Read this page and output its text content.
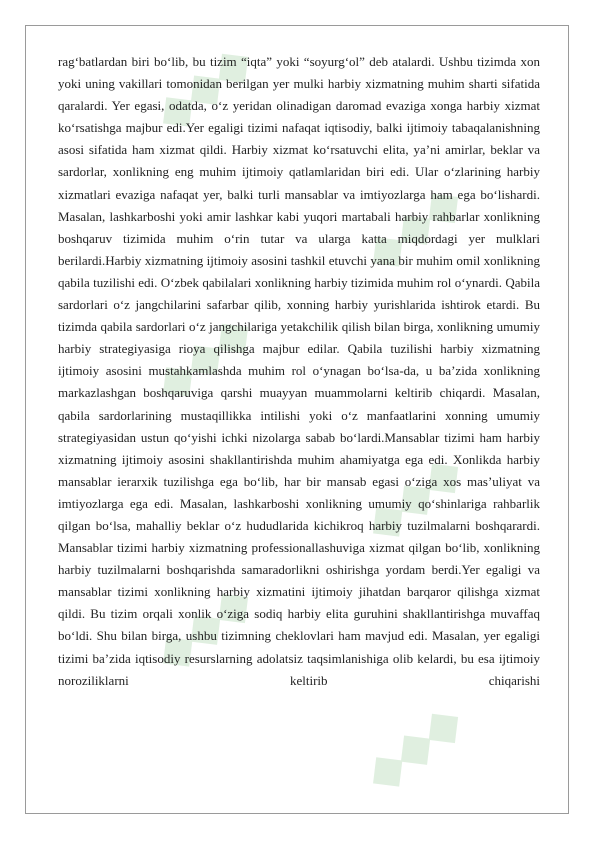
◆◆◆
◆◆◆
◆◆◆
◆◆◆
◆◆◆
◆◆◆

rag‘batlardan biri bo‘lib, bu tizim “iqta” yoki “soyurg‘ol” deb atalardi. Ushbu tizimda xon yoki uning vakillari tomonidan berilgan yer mulki harbiy xizmatning muhim sharti sifatida qaralardi. Yer egasi, odatda, o‘z yeridan olinadigan daromad evaziga xonga harbiy xizmat ko‘rsatishga majbur edi.Yer egaligi tizimi nafaqat iqtisodiy, balki ijtimoiy tabaqalanishning asosi sifatida ham xizmat qildi. Harbiy xizmat ko‘rsatuvchi elita, ya’ni amirlar, beklar va sardorlar, xonlikning eng muhim ijtimoiy qatlamlaridan biri edi. Ular o‘zlarining harbiy xizmatlari evaziga nafaqat yer, balki turli mansablar va imtiyozlarga ham ega bo‘lishardi. Masalan, lashkarboshi yoki amir lashkar kabi yuqori martabali harbiy rahbarlar xonlikning boshqaruv tizimida muhim o‘rin tutar va ularga katta miqdordagi yer mulklari berilardi.Harbiy xizmatning ijtimoiy asosini tashkil etuvchi yana bir muhim omil xonlikning qabila tuzilishi edi. O‘zbek qabilalari xonlikning harbiy tizimida muhim rol o‘ynardi. Qabila sardorlari o‘z jangchilarini safarbar qilib, xonning harbiy yurishlarida ishtirok etardi. Bu tizimda qabila sardorlari o‘z jangchilariga yetakchilik qilish bilan birga, xonlikning umumiy harbiy strategiyasiga rioya qilishga majbur edilar. Qabila tuzilishi harbiy xizmatning ijtimoiy asosini mustahkamlashda muhim rol o‘ynagan bo‘lsa-da, u ba’zida xonlikning markazlashgan boshqaruviga qarshi muayyan muammolarni keltirib chiqardi. Masalan, qabila sardorlarining mustaqillikka intilishi yoki o‘z manfaatlarini xonning umumiy strategiyasidan ustun qo‘yishi ichki nizolarga sabab bo‘lardi.Mansablar tizimi ham harbiy xizmatning ijtimoiy asosini shakllantirishda muhim ahamiyatga ega edi. Xonlikda harbiy mansablar ierarxik tuzilishga ega bo‘lib, har bir mansab egasi o‘ziga xos mas’uliyat va imtiyozlarga ega edi. Masalan, lashkarboshi xonlikning umumiy qo‘shinlariga rahbarlik qilgan bo‘lsa, mahalliy beklar o‘z hududlarida kichikroq harbiy tuzilmalarni boshqarardi. Mansablar tizimi harbiy xizmatning professionallashuviga xizmat qilgan bo‘lib, xonlikning harbiy tuzilmalarni boshqarishda samaradorlikni oshirishga yordam berdi.Yer egaligi va mansablar tizimi xonlikning harbiy xizmatini ijtimoiy jihatdan barqaror qilishga xizmat qildi. Bu tizim orqali xonlik o‘ziga sodiq harbiy elita guruhini shakllantirishga muvaffaq bo‘ldi. Shu bilan birga, ushbu tizimning cheklovlari ham mavjud edi. Masalan, yer egaligi tizimi ba’zida iqtisodiy resurslarning adolatsiz taqsimlanishiga olib kelardi, bu esa ijtimoiy noroziliklarni keltirib chiqarishi
